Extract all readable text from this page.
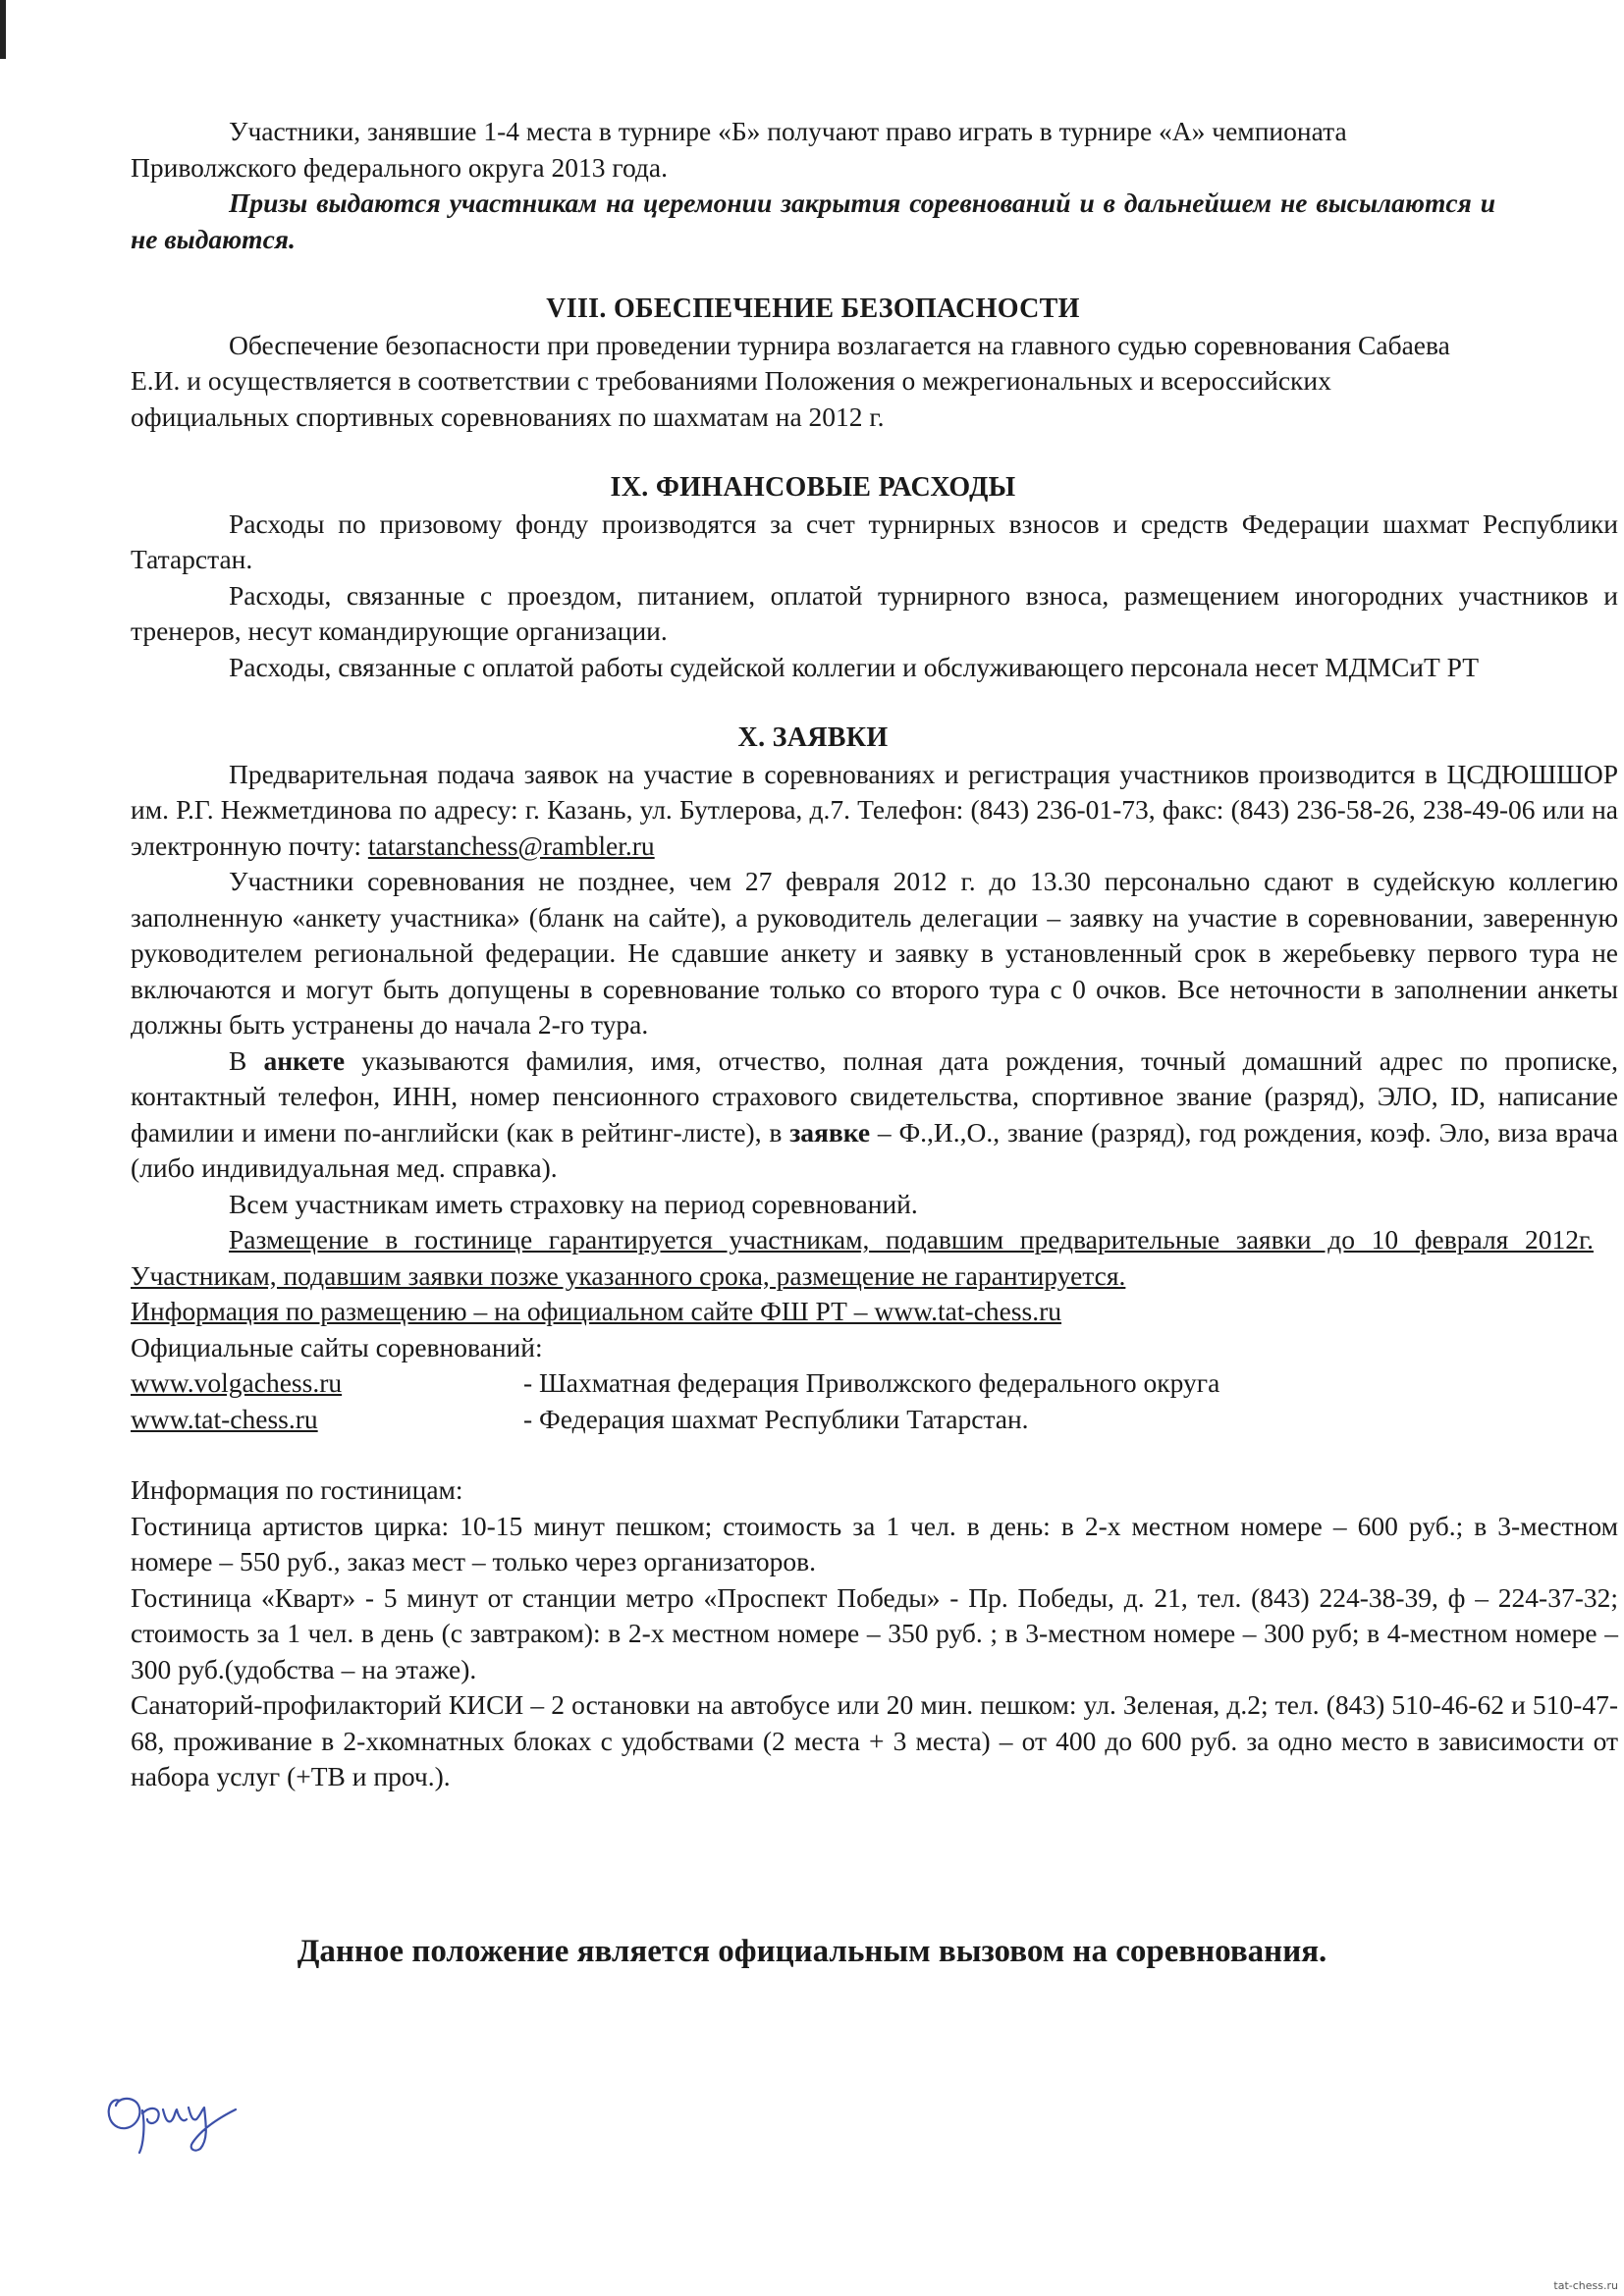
Участники, занявшие 1-4 места в турнире «Б» получают право играть в турнире «А» чемпионата Приволжского федерального округа 2013 года.

Призы выдаются участникам на церемонии закрытия соревнований и в дальнейшем не высылаются и не выдаются.

VIII. ОБЕСПЕЧЕНИЕ БЕЗОПАСНОСТИ

Обеспечение безопасности при проведении турнира возлагается на главного судью соревнования Сабаева Е.И. и осуществляется в соответствии с требованиями Положения о межрегиональных и всероссийских официальных спортивных соревнованиях по шахматам на 2012 г.

IX. ФИНАНСОВЫЕ РАСХОДЫ

Расходы по призовому фонду производятся за счет турнирных взносов и средств Федерации шахмат Республики Татарстан.

Расходы, связанные с проездом, питанием, оплатой турнирного взноса, размещением иногородних участников и тренеров, несут командирующие организации.

Расходы, связанные с оплатой работы судейской коллегии и обслуживающего персонала несет МДМСиТ РТ

X. ЗАЯВКИ

Предварительная подача заявок на участие в соревнованиях и регистрация участников производится в ЦСДЮШШОР им. Р.Г. Нежметдинова по адресу: г. Казань, ул. Бутлерова, д.7. Телефон: (843) 236-01-73, факс: (843) 236-58-26, 238-49-06 или на электронную почту: tatarstanchess@rambler.ru

Участники соревнования не позднее, чем 27 февраля 2012 г. до 13.30 персонально сдают в судейскую коллегию заполненную «анкету участника» (бланк на сайте), а руководитель делегации – заявку на участие в соревновании, заверенную руководителем региональной федерации. Не сдавшие анкету и заявку в установленный срок в жеребьевку первого тура не включаются и могут быть допущены в соревнование только со второго тура с 0 очков. Все неточности в заполнении анкеты должны быть устранены до начала 2-го тура.

В анкете указываются фамилия, имя, отчество, полная дата рождения, точный домашний адрес по прописке, контактный телефон, ИНН, номер пенсионного страхового свидетельства, спортивное звание (разряд), ЭЛО, ID, написание фамилии и имени по-английски (как в рейтинг-листе), в заявке – Ф.,И.,О., звание (разряд), год рождения, коэф. Эло, виза врача (либо индивидуальная мед. справка).

Всем участникам иметь страховку на период соревнований.

Размещение в гостинице гарантируется участникам, подавшим предварительные заявки до 10 февраля 2012г. Участникам, подавшим заявки позже указанного срока, размещение не гарантируется.

Информация по размещению – на официальном сайте ФШ РТ – www.tat-chess.ru

Официальные сайты соревнований:

www.volgachess.ru	- Шахматная федерация Приволжского федерального округа
www.tat-chess.ru	- Федерация шахмат Республики Татарстан.

Информация по гостиницам:

Гостиница артистов цирка: 10-15 минут пешком; стоимость за 1 чел. в день: в 2-х местном номере – 600 руб.; в 3-местном номере – 550 руб., заказ мест – только через организаторов.

Гостиница «Кварт» - 5 минут от станции метро «Проспект Победы» - Пр. Победы, д. 21, тел. (843) 224-38-39, ф – 224-37-32; стоимость за 1 чел. в день (с завтраком): в 2-х местном номере – 350 руб. ; в 3-местном номере – 300 руб; в 4-местном номере – 300 руб.(удобства – на этаже).

Санаторий-профилакторий КИСИ – 2 остановки на автобусе или 20 мин. пешком: ул. Зеленая, д.2; тел. (843) 510-46-62 и 510-47-68, проживание в 2-хкомнатных блоках с удобствами (2 места + 3 места) – от 400 до 600 руб. за одно место в зависимости от набора услуг (+ТВ и проч.).

Данное положение является официальным вызовом на соревнования.
tat-chess.ru
